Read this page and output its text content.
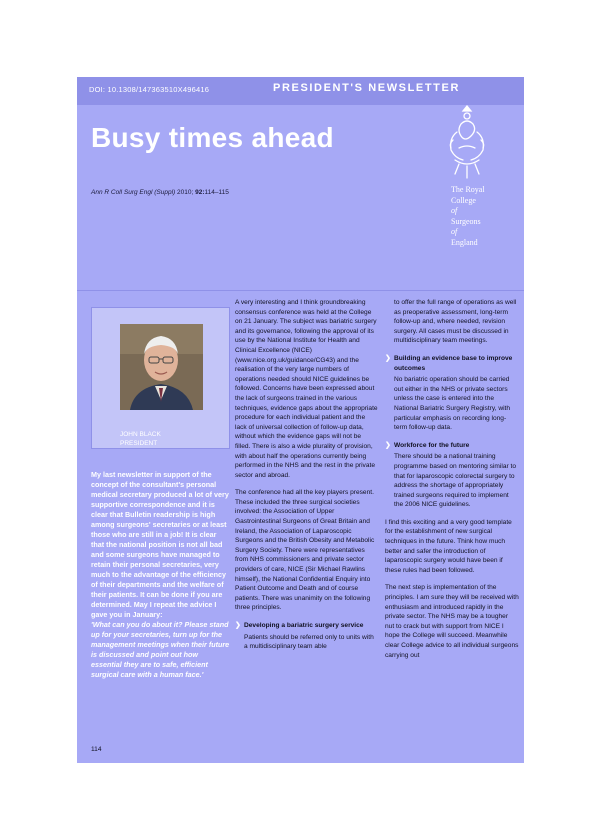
DOI: 10.1308/147363510X496416	PRESIDENT'S NEWSLETTER
Busy times ahead
Ann R Coll Surg Engl (Suppl) 2010; 92:114–115	The Royal
College
of
Surgeons
of
England
JOHN BLACK
PRESIDENT

My last newsletter in support of the concept of the consultant's personal medical secretary produced a lot of very supportive correspondence and it is clear that Bulletin readership is high among surgeons' secretaries or at least those who are still in a job! It is clear that the national position is not all bad and some surgeons have managed to retain their personal secretaries, very much to the advantage of the efficiency of their departments and the welfare of their patients. It can be done if you are determined. May I repeat the advice I gave you in January:

'What can you do about it? Please stand up for your secretaries, turn up for the management meetings when their future is discussed and point out how essential they are to safe, efficient surgical care with a human face.'

A very interesting and I think groundbreaking consensus conference was held at the College on 21 January. The subject was bariatric surgery and its governance, following the approval of its use by the National Institute for Health and Clinical Excellence (NICE) (www.nice.org.uk/guidance/CG43) and the realisation of the very large numbers of operations needed should NICE guidelines be followed. Concerns have been expressed about the lack of surgeons trained in the various techniques, evidence gaps about the appropriate procedure for each individual patient and the lack of universal collection of follow-up data, without which the evidence gaps will not be filled. There is also a wide plurality of provision, with about half the operations currently being performed in the NHS and the rest in the private sector and abroad.

The conference had all the key players present. These included the three surgical societies involved: the Association of Upper Gastrointestinal Surgeons of Great Britain and Ireland, the Association of Laparoscopic Surgeons and the British Obesity and Metabolic Surgery Society. There were representatives from NHS commissioners and private sector providers of care, NICE (Sir Michael Rawlins himself), the National Confidential Enquiry into Patient Outcome and Death and of course patients. There was unanimity on the following three principles.

❯ Developing a bariatric surgery service
Patients should be referred only to units with a multidisciplinary team able
to offer the full range of operations as well as preoperative assessment, long-term follow-up and, where needed, revision surgery. All cases must be discussed in multidisciplinary team meetings.
❯ Building an evidence base to improve outcomes
No bariatric operation should be carried out either in the NHS or private sectors unless the case is entered into the National Bariatric Surgery Registry, with particular emphasis on recording long-term follow-up data.
❯ Workforce for the future
There should be a national training programme based on mentoring similar to that for laparoscopic colorectal surgery to address the shortage of appropriately trained surgeons required to implement the 2006 NICE guidelines.

I find this exciting and a very good template for the establishment of new surgical techniques in the future. Think how much better and safer the introduction of laparoscopic surgery would have been if these rules had been followed.

The next step is implementation of the principles. I am sure they will be received with enthusiasm and introduced rapidly in the private sector. The NHS may be a tougher nut to crack but with support from NICE I hope the College will succeed. Meanwhile clear College advice to all individual surgeons carrying out

114
